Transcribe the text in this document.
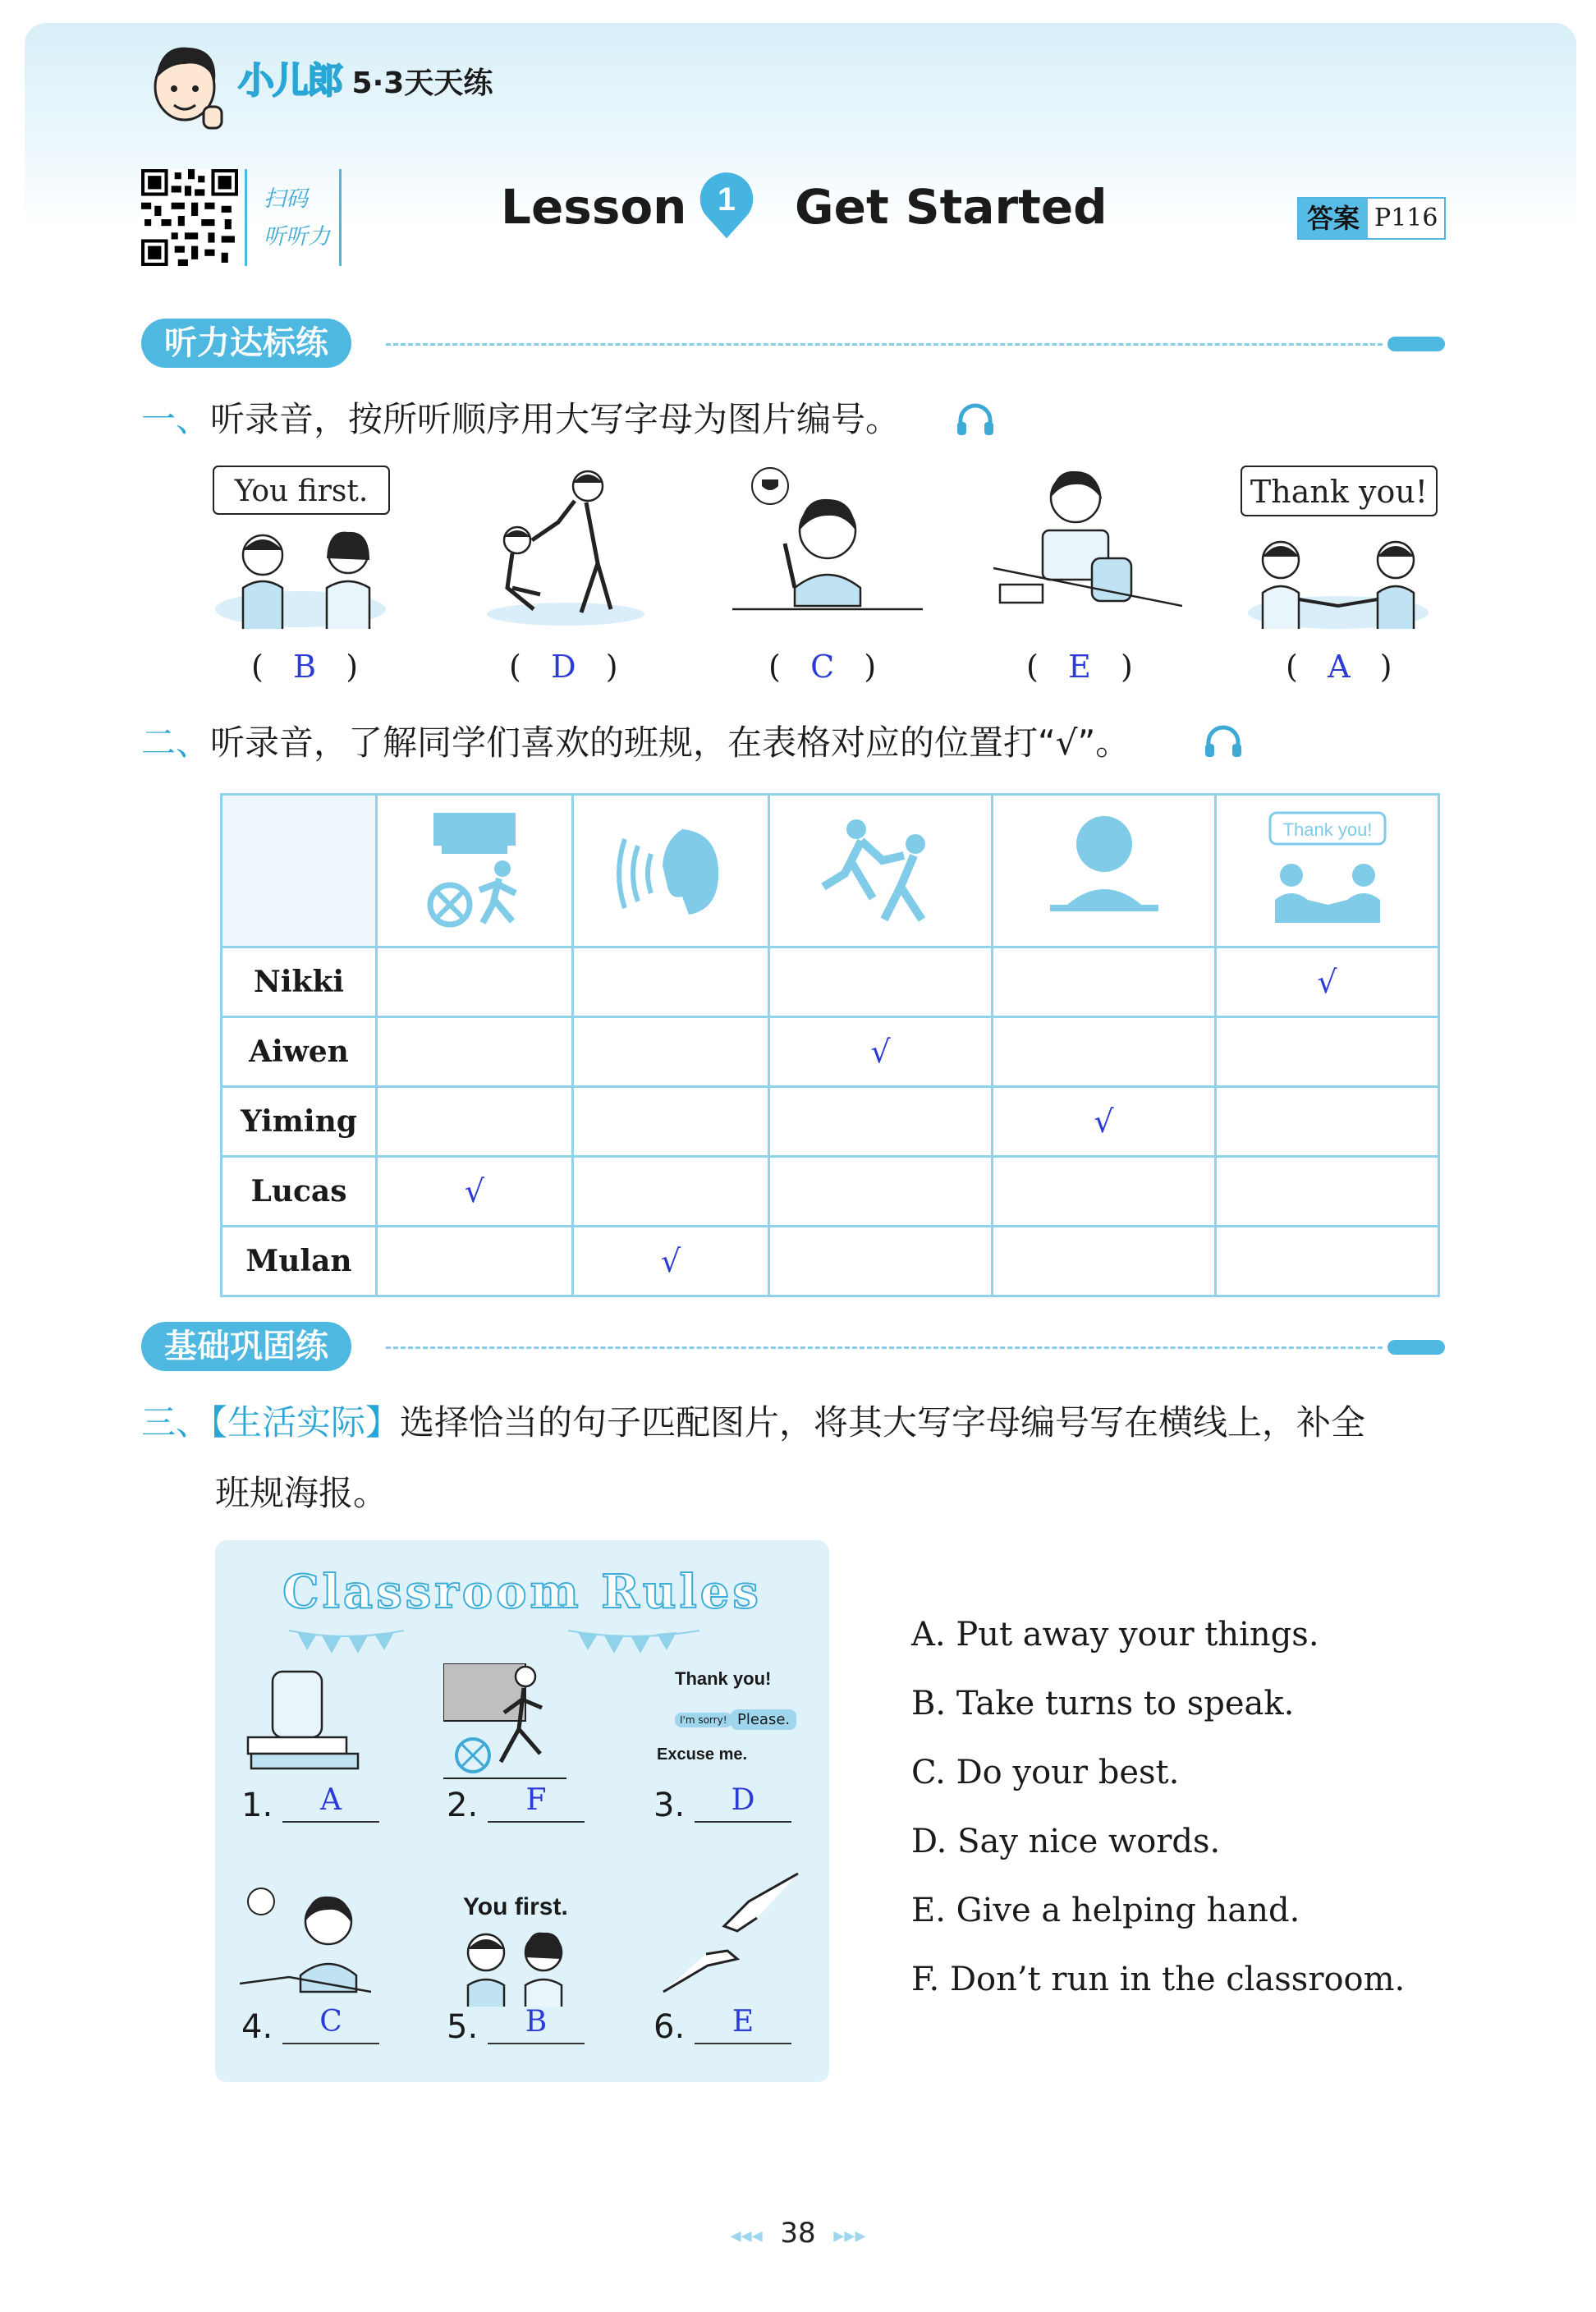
小儿郎 5·3天天练
扫码
听听力
Lesson 1 Get Started	答案 P116
听力达标练
一、听录音，按所听顺序用大写字母为图片编号。
You first.	Thank you!
(   B   )	(   D   )	(   C   )	(   E   )	(   A   )
二、听录音，了解同学们喜欢的班规，在表格对应的位置打“√”。

Thank you!

Nikki					√
Aiwen			√		
Yiming				√	
Lucas	√				
Mulan		√			
基础巩固练
三、【生活实际】选择恰当的句子匹配图片，将其大写字母编号写在横线上，补全
班规海报。
Classroom Rules
Thank you!
I'm sorry! Please.
Excuse me.
You first.
1.	A	2.	F	3.	D
4.	C	5.	B	6.	E
A. Put away your things.
B. Take turns to speak.
C. Do your best.
D. Say nice words.
E. Give a helping hand.
F. Don’t run in the classroom.
◂◂◂ 38 ▸▸▸
